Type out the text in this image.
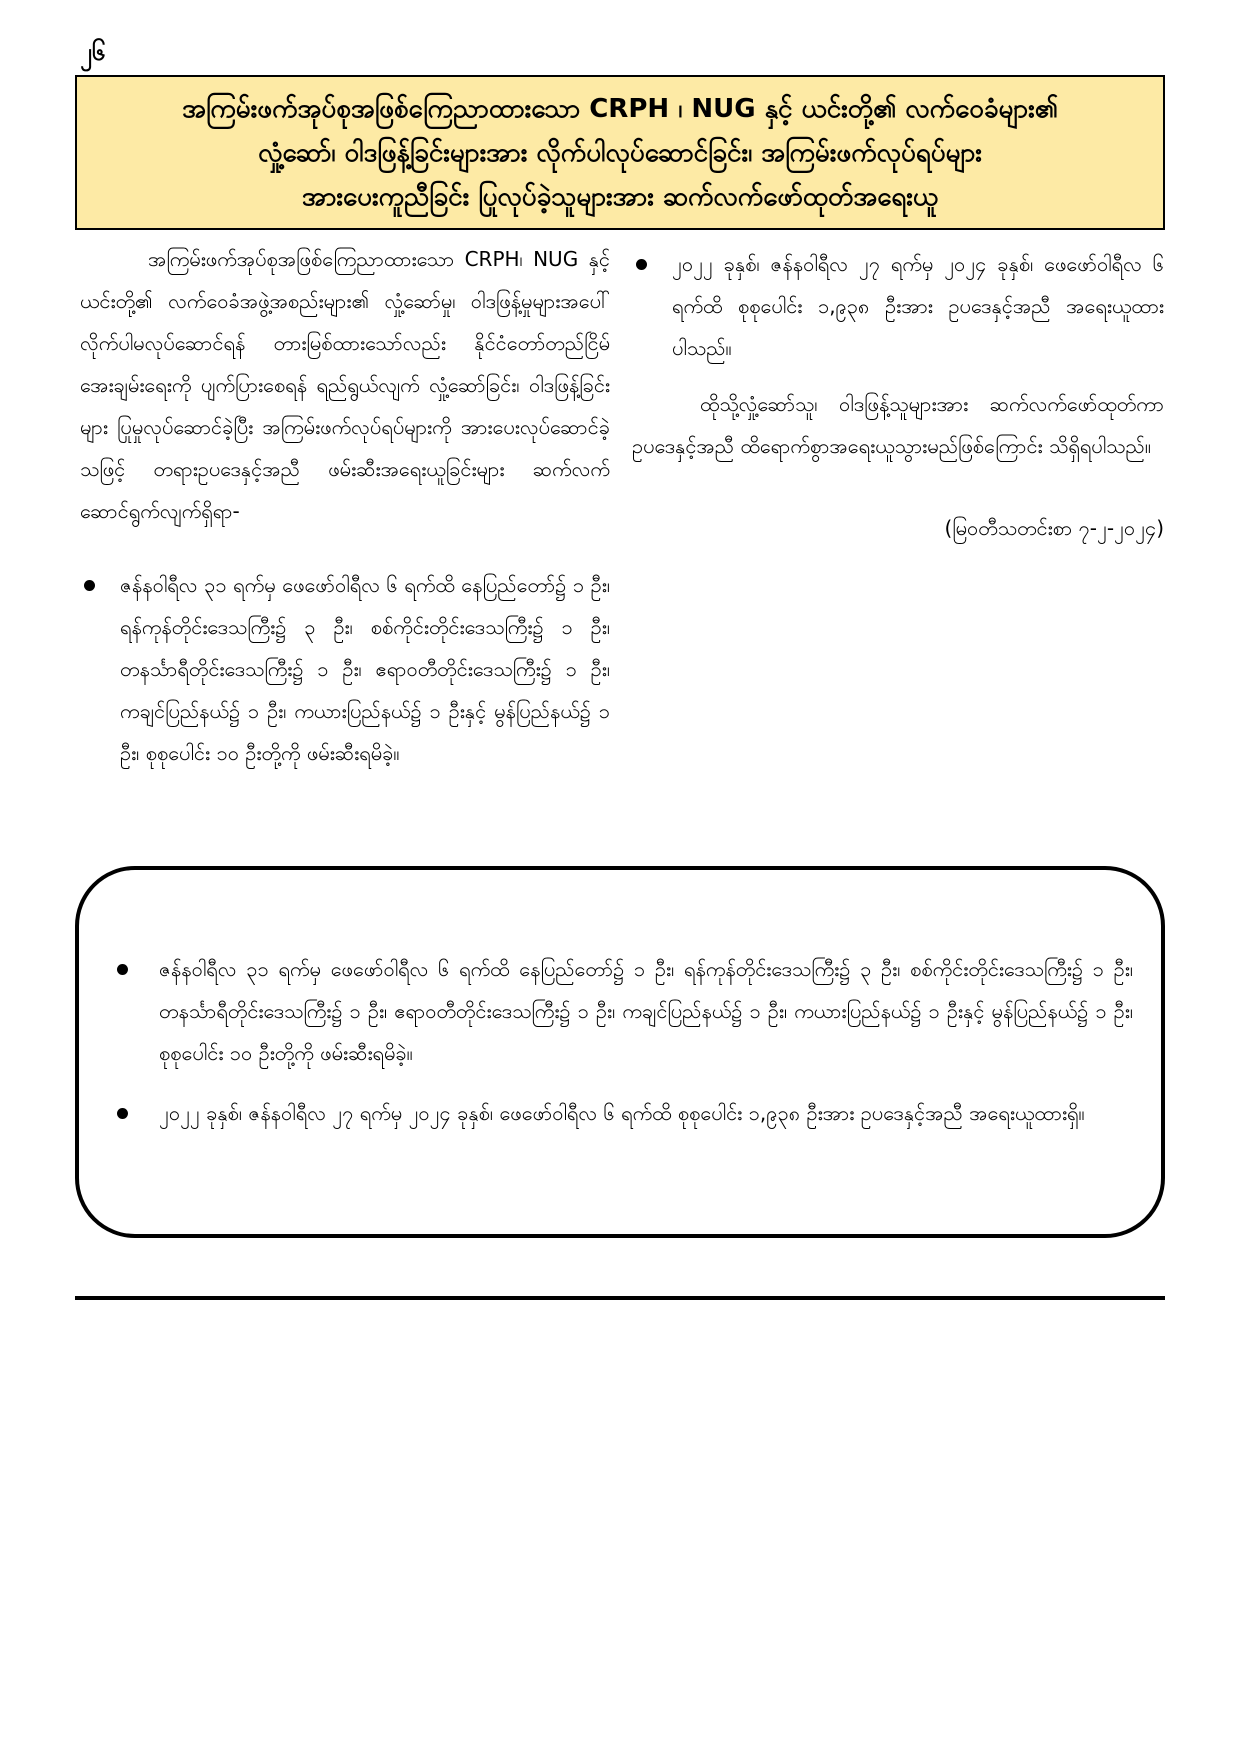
၂၆
အကြမ်းဖက်အုပ်စုအဖြစ်ကြေညာထားသော CRPH ၊ NUG နှင့် ယင်းတို့၏ လက်ဝေခံများ၏
လှုံ့ဆော်၊ ဝါဒဖြန့်ခြင်းများအား လိုက်ပါလုပ်ဆောင်ခြင်း၊ အကြမ်းဖက်လုပ်ရပ်များ
အားပေးကူညီခြင်း ပြုလုပ်ခဲ့သူများအား ဆက်လက်ဖော်ထုတ်အရေးယူ

အကြမ်းဖက်အုပ်စုအဖြစ်ကြေညာထားသော CRPH၊ NUG နှင့် ယင်းတို့၏ လက်ဝေခံအဖွဲ့အစည်းများ၏ လှုံ့ဆော်မှု၊ ဝါဒဖြန့်မှုများအပေါ် လိုက်ပါမလုပ်ဆောင်ရန် တားမြစ်ထားသော်လည်း နိုင်ငံတော်တည်ငြိမ်အေးချမ်းရေးကို ပျက်ပြားစေရန် ရည်ရွယ်လျက် လှုံ့ဆော်ခြင်း၊ ဝါဒဖြန့်ခြင်းများ ပြုမှုလုပ်ဆောင်ခဲ့ပြီး အကြမ်းဖက်လုပ်ရပ်များကို အားပေးလုပ်ဆောင်ခဲ့သဖြင့် တရားဥပဒေနှင့်အညီ ဖမ်းဆီးအရေးယူခြင်းများ ဆက်လက်ဆောင်ရွက်လျက်ရှိရာ-

ဇန်နဝါရီလ ၃၁ ရက်မှ ဖေဖော်ဝါရီလ ၆ ရက်ထိ နေပြည်တော်၌ ၁ ဦး၊ ရန်ကုန်တိုင်းဒေသကြီး၌ ၃ ဦး၊ စစ်ကိုင်းတိုင်းဒေသကြီး၌ ၁ ဦး၊ တနင်္သာရီတိုင်းဒေသကြီး၌ ၁ ဦး၊ ဧရာဝတီတိုင်းဒေသကြီး၌ ၁ ဦး၊ ကချင်ပြည်နယ်၌ ၁ ဦး၊ ကယားပြည်နယ်၌ ၁ ဦးနှင့် မွန်ပြည်နယ်၌ ၁ ဦး၊ စုစုပေါင်း ၁၀ ဦးတို့ကို ဖမ်းဆီးရမိခဲ့။
၂၀၂၂ ခုနှစ်၊ ဇန်နဝါရီလ ၂၇ ရက်မှ ၂၀၂၄ ခုနှစ်၊ ဖေဖော်ဝါရီလ ၆ ရက်ထိ စုစုပေါင်း ၁,၉၃၈ ဦးအား ဥပဒေနှင့်အညီ အရေးယူထားပါသည်။

ထိုသို့လှုံ့ဆော်သူ၊ ဝါဒဖြန့်သူများအား ဆက်လက်ဖော်ထုတ်ကာ ဥပဒေနှင့်အညီ ထိရောက်စွာအရေးယူသွားမည်ဖြစ်ကြောင်း သိရှိရပါသည်။

(မြဝတီသတင်းစာ ၇-၂-၂၀၂၄)

ဇန်နဝါရီလ ၃၁ ရက်မှ ဖေဖော်ဝါရီလ ၆ ရက်ထိ နေပြည်တော်၌ ၁ ဦး၊ ရန်ကုန်တိုင်းဒေသကြီး၌ ၃ ဦး၊ စစ်ကိုင်းတိုင်းဒေသကြီး၌ ၁ ဦး၊ တနင်္သာရီတိုင်းဒေသကြီး၌ ၁ ဦး၊ ဧရာဝတီတိုင်းဒေသကြီး၌ ၁ ဦး၊ ကချင်ပြည်နယ်၌ ၁ ဦး၊ ကယားပြည်နယ်၌ ၁ ဦးနှင့် မွန်ပြည်နယ်၌ ၁ ဦး၊ စုစုပေါင်း ၁၀ ဦးတို့ကို ဖမ်းဆီးရမိခဲ့။
၂၀၂၂ ခုနှစ်၊ ဇန်နဝါရီလ ၂၇ ရက်မှ ၂၀၂၄ ခုနှစ်၊ ဖေဖော်ဝါရီလ ၆ ရက်ထိ စုစုပေါင်း ၁,၉၃၈ ဦးအား ဥပဒေနှင့်အညီ အရေးယူထားရှိ။
